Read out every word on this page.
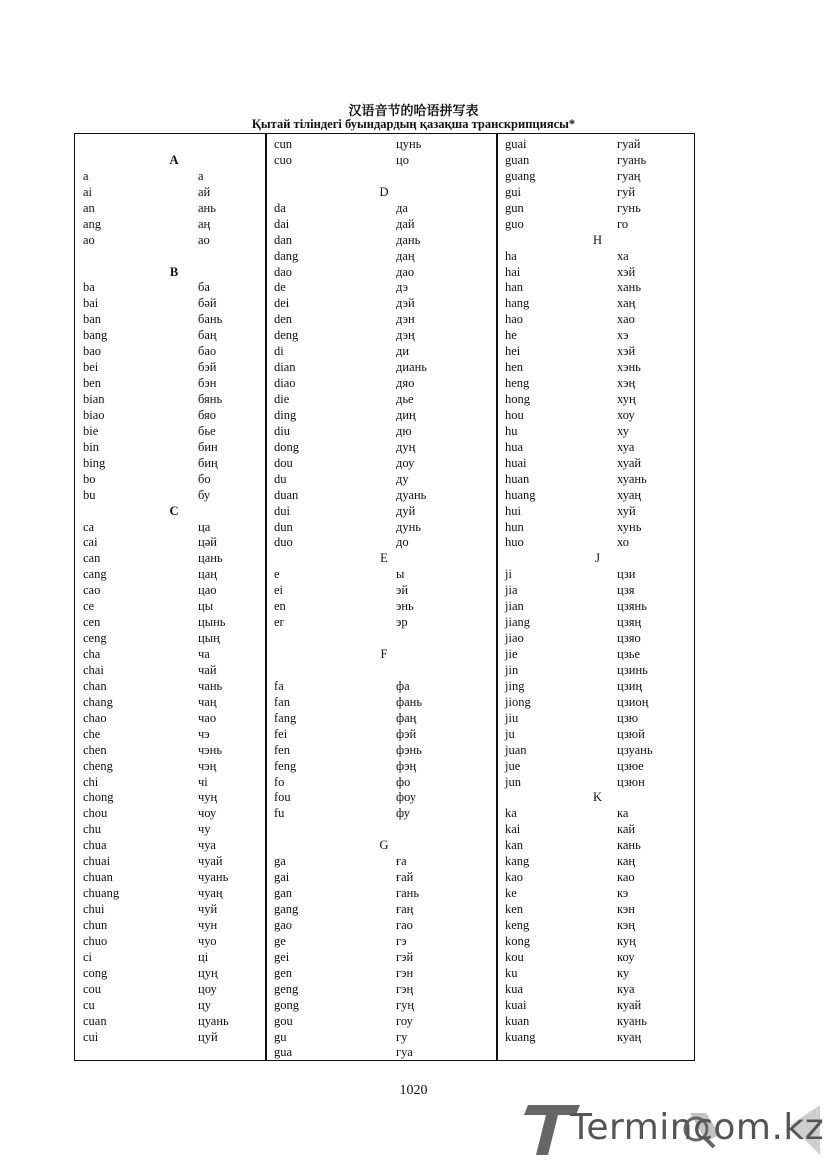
汉语音节的哈语拼写表
Қытай тіліндегі буындардың қазақша транскрипциясы*
A
a	а
ai	ай
an	ань
ang	аң
ao	ао
B
ba	ба
bai	бәй
ban	бань
bang	баң
bao	бао
bei	бэй
ben	бэн
bian	бянь
biao	бяо
bie	бье
bin	бин
bing	биң
bo	бо
bu	бу
C
ca	ца
cai	цәй
can	цань
cang	цаң
cao	цао
ce	цы
cen	цынь
ceng	цың
cha	ча
chai	чай
chan	чань
chang	чаң
chao	чао
che	чэ
chen	чэнь
cheng	чэң
chi	чі
chong	чуң
chou	чоу
chu	чу
chua	чуа
chuai	чуай
chuan	чуань
chuang	чуаң
chui	чуй
chun	чун
chuo	чуо
ci	ці
cong	цуң
cou	цоу
cu	цу
cuan	цуань
cui	цуй
cun	цунь
cuo	цо
D
da	да
dai	дай
dan	дань
dang	даң
dao	дао
de	дэ
dei	дэй
den	дэн
deng	дэң
di	ди
dian	диань
diao	дяо
die	дье
ding	диң
diu	дю
dong	дуң
dou	доу
du	ду
duan	дуань
dui	дуй
dun	дунь
duo	до
E
e	ы
ei	эй
en	энь
er	эр
F
fa	фа
fan	фань
fang	фаң
fei	фэй
fen	фэнь
feng	фэң
fo	фо
fou	фоу
fu	фу
G
ga	ға
gai	ғай
gan	гань
gang	ғаң
gao	гао
ge	гэ
gei	гэй
gen	гэн
geng	гэң
gong	гуң
gou	гоу
gu	гу
gua	гуа
guai	гуай
guan	гуань
guang	гуаң
gui	гуй
gun	гунь
guo	го
H
ha	ха
hai	хэй
han	хань
hang	хаң
hao	хао
he	хэ
hei	хэй
hen	хэнь
heng	хэң
hong	хуң
hou	хоу
hu	ху
hua	хуа
huai	хуай
huan	хуань
huang	хуаң
hui	хуй
hun	хунь
huo	хо
J
ji	цзи
jia	цзя
jian	цзянь
jiang	цзяң
jiao	цзяо
jie	цзье
jin	цзинь
jing	цзиң
jiong	цзиоң
jiu	цзю
ju	цзюй
juan	цзуань
jue	цзюе
jun	цзюн
K
ka	ка
kai	кай
kan	кань
kang	каң
kao	као
ke	кэ
ken	кэн
keng	кэң
kong	куң
kou	коу
ku	ку
kua	куа
kuai	куай
kuan	куань
kuang	куаң
1020
Termincom.kz
